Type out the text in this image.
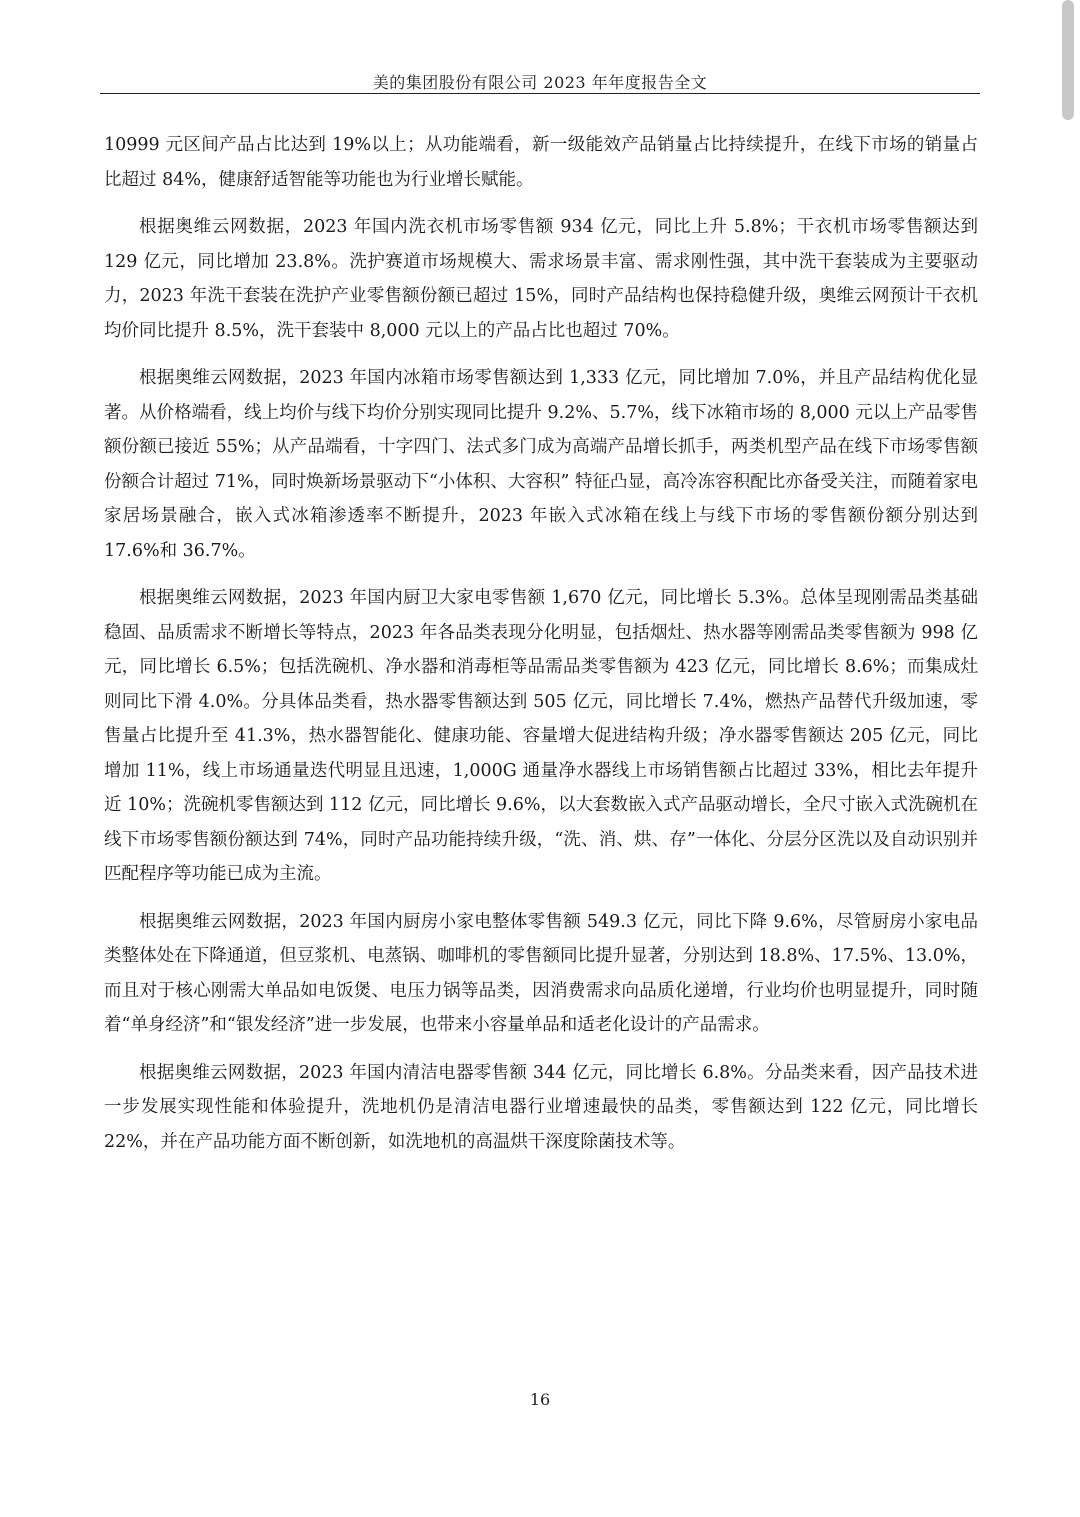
美的集团股份有限公司 2023 年年度报告全文

10999 元区间产品占比达到 19%以上；从功能端看，新一级能效产品销量占比持续提升，在线下市场的销量占比超过 84%，健康舒适智能等功能也为行业增长赋能。

根据奥维云网数据，2023 年国内洗衣机市场零售额 934 亿元，同比上升 5.8%；干衣机市场零售额达到 129 亿元，同比增加 23.8%。洗护赛道市场规模大、需求场景丰富、需求刚性强，其中洗干套装成为主要驱动力，2023 年洗干套装在洗护产业零售额份额已超过 15%，同时产品结构也保持稳健升级，奥维云网预计干衣机均价同比提升 8.5%，洗干套装中 8,000 元以上的产品占比也超过 70%。

根据奥维云网数据，2023 年国内冰箱市场零售额达到 1,333 亿元，同比增加 7.0%，并且产品结构优化显著。从价格端看，线上均价与线下均价分别实现同比提升 9.2%、5.7%，线下冰箱市场的 8,000 元以上产品零售额份额已接近 55%；从产品端看，十字四门、法式多门成为高端产品增长抓手，两类机型产品在线下市场零售额份额合计超过 71%，同时焕新场景驱动下“小体积、大容积” 特征凸显，高冷冻容积配比亦备受关注，而随着家电家居场景融合，嵌入式冰箱渗透率不断提升，2023 年嵌入式冰箱在线上与线下市场的零售额份额分别达到 17.6%和 36.7%。

根据奥维云网数据，2023 年国内厨卫大家电零售额 1,670 亿元，同比增长 5.3%。总体呈现刚需品类基础稳固、品质需求不断增长等特点，2023 年各品类表现分化明显，包括烟灶、热水器等刚需品类零售额为 998 亿元，同比增长 6.5%；包括洗碗机、净水器和消毒柜等品需品类零售额为 423 亿元，同比增长 8.6%；而集成灶则同比下滑 4.0%。分具体品类看，热水器零售额达到 505 亿元，同比增长 7.4%，燃热产品替代升级加速，零售量占比提升至 41.3%，热水器智能化、健康功能、容量增大促进结构升级；净水器零售额达 205 亿元，同比增加 11%，线上市场通量迭代明显且迅速，1,000G 通量净水器线上市场销售额占比超过 33%，相比去年提升近 10%；洗碗机零售额达到 112 亿元，同比增长 9.6%，以大套数嵌入式产品驱动增长，全尺寸嵌入式洗碗机在线下市场零售额份额达到 74%，同时产品功能持续升级，“洗、消、烘、存”一体化、分层分区洗以及自动识别并匹配程序等功能已成为主流。

根据奥维云网数据，2023 年国内厨房小家电整体零售额 549.3 亿元，同比下降 9.6%，尽管厨房小家电品类整体处在下降通道，但豆浆机、电蒸锅、咖啡机的零售额同比提升显著，分别达到 18.8%、17.5%、13.0%，而且对于核心刚需大单品如电饭煲、电压力锅等品类，因消费需求向品质化递增，行业均价也明显提升，同时随着“单身经济”和“银发经济”进一步发展，也带来小容量单品和适老化设计的产品需求。

根据奥维云网数据，2023 年国内清洁电器零售额 344 亿元，同比增长 6.8%。分品类来看，因产品技术进一步发展实现性能和体验提升，洗地机仍是清洁电器行业增速最快的品类，零售额达到 122 亿元，同比增长 22%，并在产品功能方面不断创新，如洗地机的高温烘干深度除菌技术等。

16
